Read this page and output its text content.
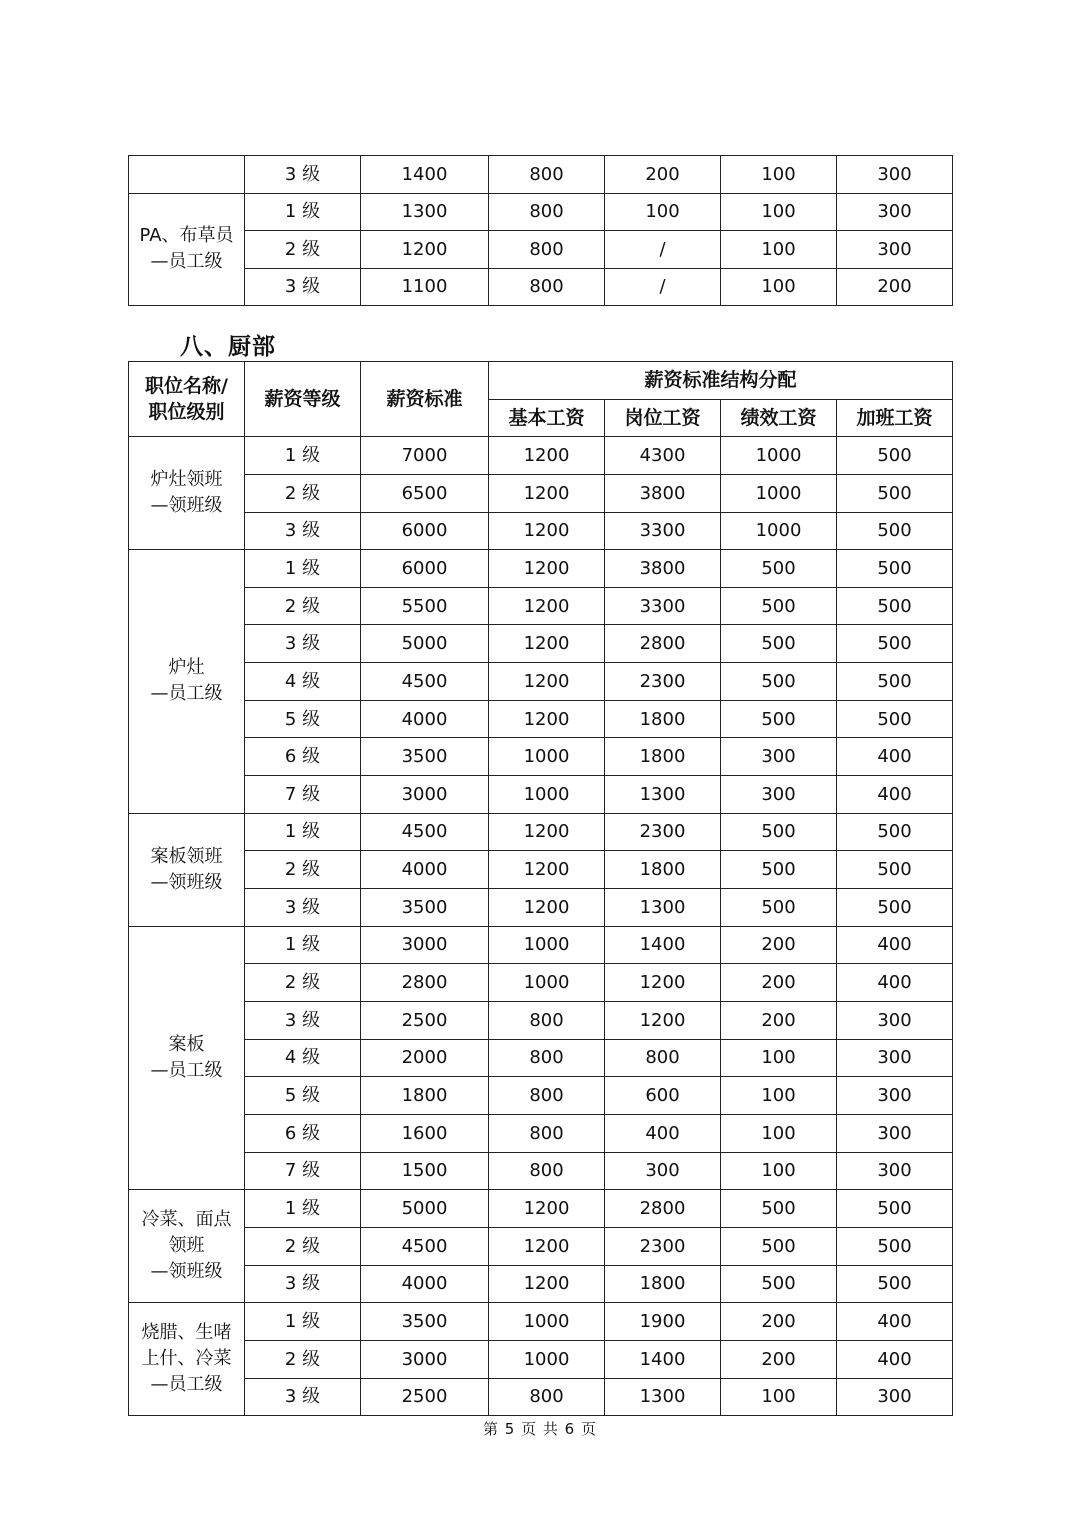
	3 级	1400	800	200	100	300
PA、布草员
—员工级	1 级	1300	800	100	100	300
	2 级	1200	800	/	100	300
	3 级	1100	800	/	100	200
八、厨部
职位名称/
职位级别	薪资等级	薪资标准	薪资标准结构分配			
			基本工资	岗位工资	绩效工资	加班工资
炉灶领班
—领班级	1 级	7000	1200	4300	1000	500
	2 级	6500	1200	3800	1000	500
	3 级	6000	1200	3300	1000	500
炉灶
—员工级	1 级	6000	1200	3800	500	500
	2 级	5500	1200	3300	500	500
	3 级	5000	1200	2800	500	500
	4 级	4500	1200	2300	500	500
	5 级	4000	1200	1800	500	500
	6 级	3500	1000	1800	300	400
	7 级	3000	1000	1300	300	400
案板领班
—领班级	1 级	4500	1200	2300	500	500
	2 级	4000	1200	1800	500	500
	3 级	3500	1200	1300	500	500
案板
—员工级	1 级	3000	1000	1400	200	400
	2 级	2800	1000	1200	200	400
	3 级	2500	800	1200	200	300
	4 级	2000	800	800	100	300
	5 级	1800	800	600	100	300
	6 级	1600	800	400	100	300
	7 级	1500	800	300	100	300
冷菜、面点
领班
—领班级	1 级	5000	1200	2800	500	500
	2 级	4500	1200	2300	500	500
	3 级	4000	1200	1800	500	500
烧腊、生啫
上什、冷菜
—员工级	1 级	3500	1000	1900	200	400
	2 级	3000	1000	1400	200	400
	3 级	2500	800	1300	100	300
第 5 页 共 6 页
